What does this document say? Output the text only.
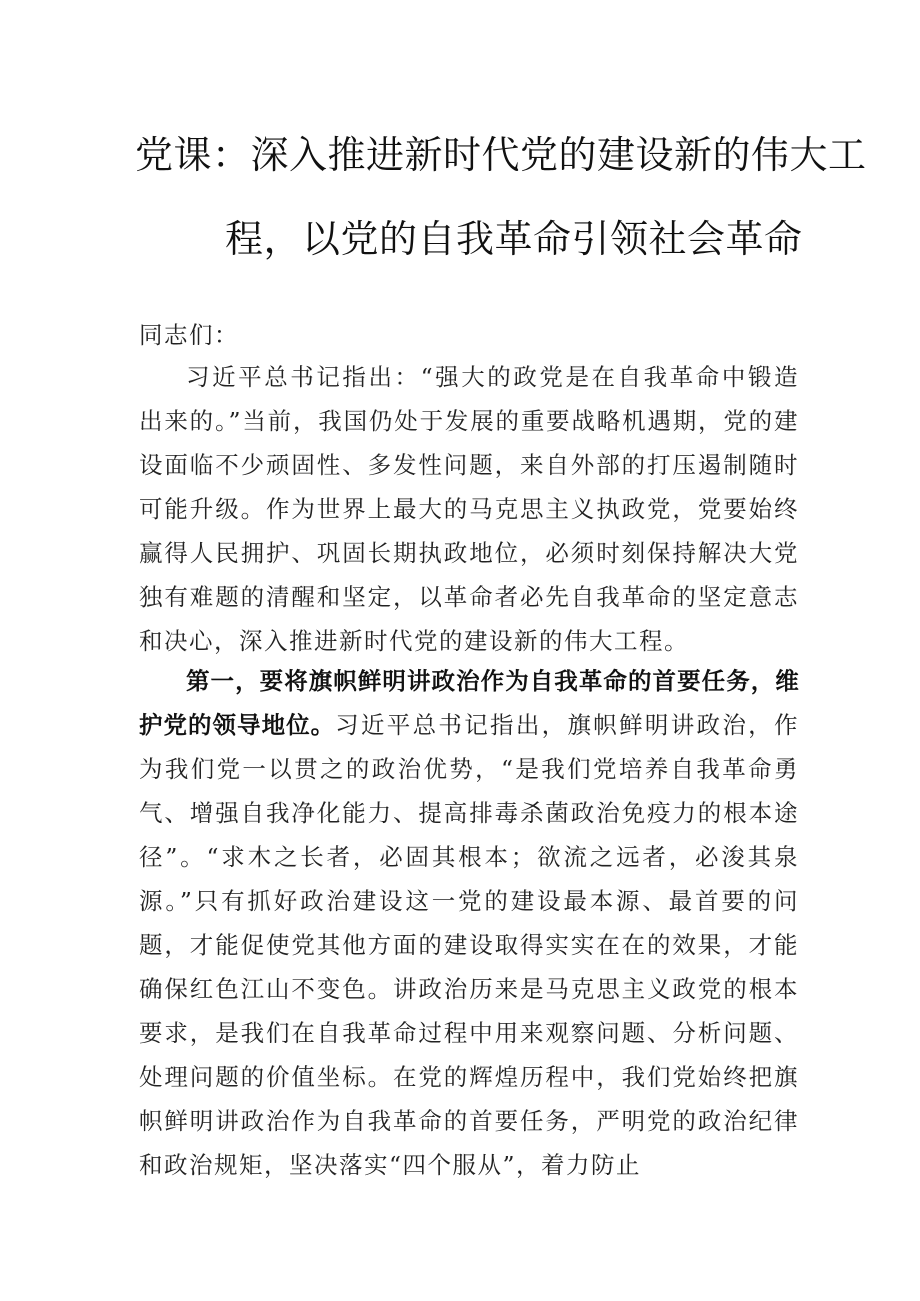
党课：深入推进新时代党的建设新的伟大工
程，以党的自我革命引领社会革命
同志们：

习近平总书记指出：“强大的政党是在自我革命中锻造出来的。”当前，我国仍处于发展的重要战略机遇期，党的建设面临不少顽固性、多发性问题，来自外部的打压遏制随时可能升级。作为世界上最大的马克思主义执政党，党要始终赢得人民拥护、巩固长期执政地位，必须时刻保持解决大党独有难题的清醒和坚定，以革命者必先自我革命的坚定意志和决心，深入推进新时代党的建设新的伟大工程。

第一，要将旗帜鲜明讲政治作为自我革命的首要任务，维护党的领导地位。习近平总书记指出，旗帜鲜明讲政治，作为我们党一以贯之的政治优势，“是我们党培养自我革命勇气、增强自我净化能力、提高排毒杀菌政治免疫力的根本途径”。“求木之长者，必固其根本；欲流之远者，必浚其泉源。”只有抓好政治建设这一党的建设最本源、最首要的问题，才能促使党其他方面的建设取得实实在在的效果，才能确保红色江山不变色。讲政治历来是马克思主义政党的根本要求，是我们在自我革命过程中用来观察问题、分析问题、处理问题的价值坐标。在党的辉煌历程中，我们党始终把旗帜鲜明讲政治作为自我革命的首要任务，严明党的政治纪律和政治规矩，坚决落实“四个服从”，着力防止
